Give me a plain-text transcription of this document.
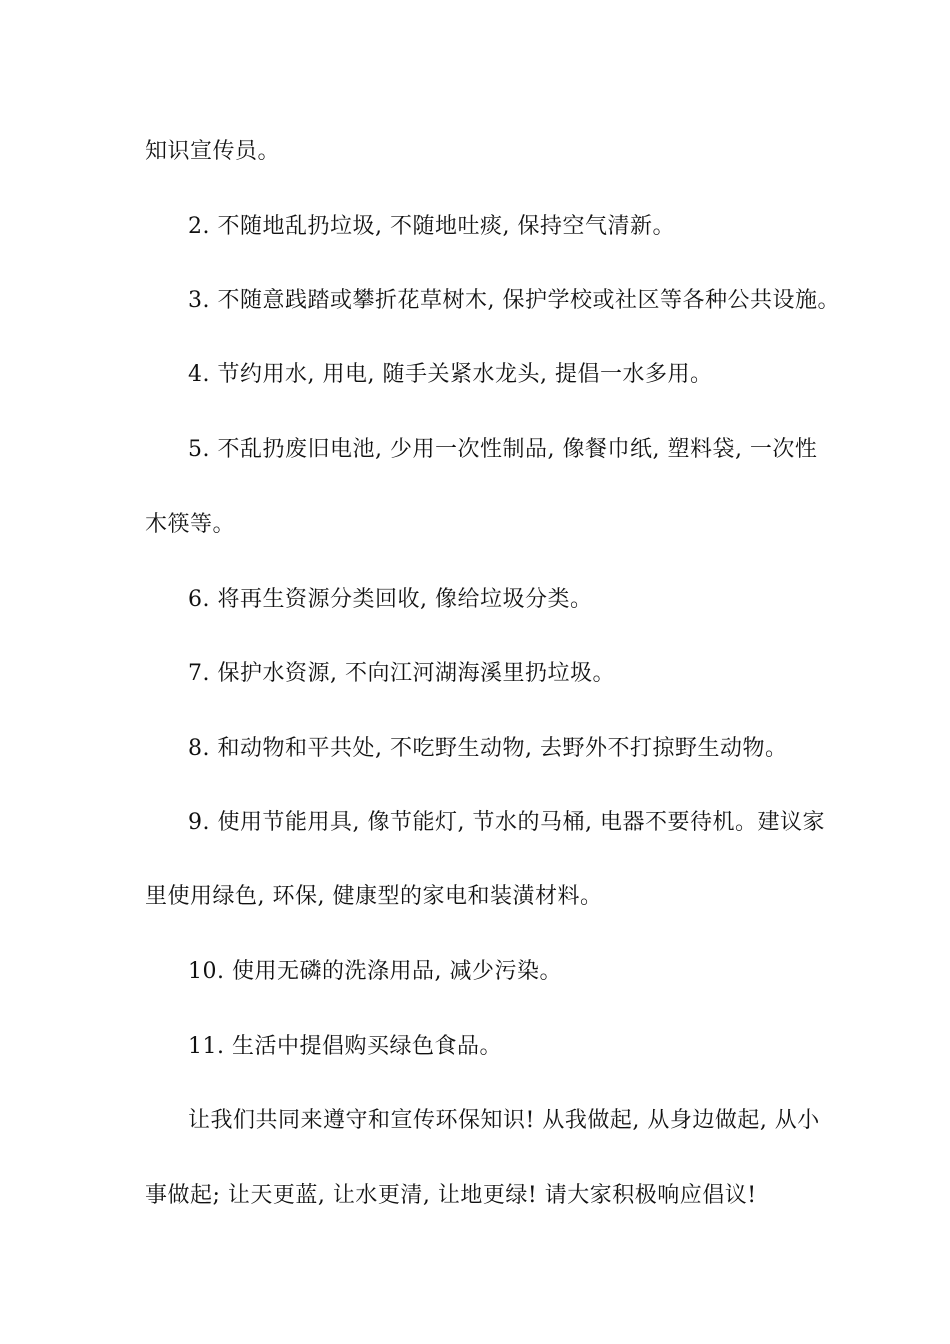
知识宣传员。
2. 不随地乱扔垃圾, 不随地吐痰, 保持空气清新。
3. 不随意践踏或攀折花草树木, 保护学校或社区等各种公共设施。
4. 节约用水, 用电, 随手关紧水龙头, 提倡一水多用。
5. 不乱扔废旧电池, 少用一次性制品, 像餐巾纸, 塑料袋, 一次性
木筷等。
6. 将再生资源分类回收, 像给垃圾分类。
7. 保护水资源, 不向江河湖海溪里扔垃圾。
8. 和动物和平共处, 不吃野生动物, 去野外不打掠野生动物。
9. 使用节能用具, 像节能灯, 节水的马桶, 电器不要待机。建议家
里使用绿色, 环保, 健康型的家电和装潢材料。
10. 使用无磷的洗涤用品, 减少污染。
11. 生活中提倡购买绿色食品。
让我们共同来遵守和宣传环保知识! 从我做起, 从身边做起, 从小
事做起; 让天更蓝, 让水更清, 让地更绿! 请大家积极响应倡议!
